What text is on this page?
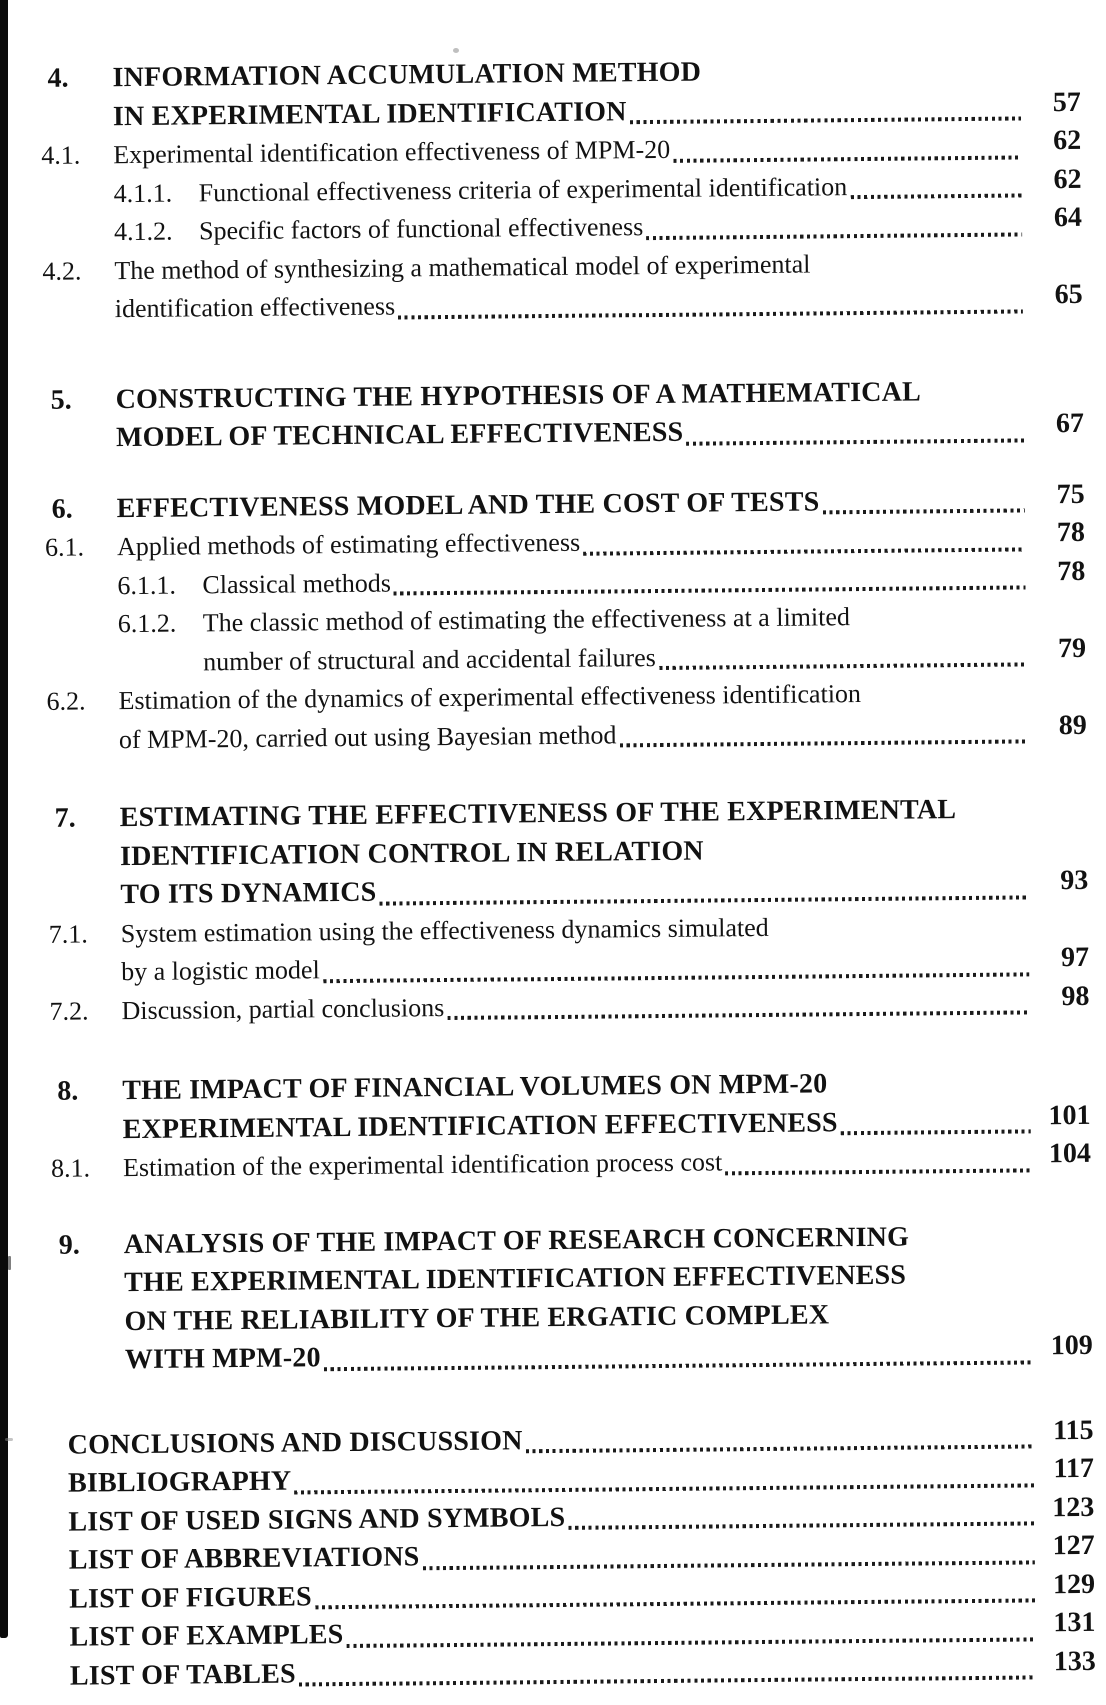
4.	INFORMATION ACCUMULATION METHOD
IN EXPERIMENTAL IDENTIFICATION	57
4.1.	Experimental identification effectiveness of MPM-20	62
4.1.1.	Functional effectiveness criteria of experimental identification	62
4.1.2.	Specific factors of functional effectiveness	64
4.2.	The method of synthesizing a mathematical model of experimental
identification effectiveness	65
5.	CONSTRUCTING THE HYPOTHESIS OF A MATHEMATICAL
MODEL OF TECHNICAL EFFECTIVENESS	67
6.	EFFECTIVENESS MODEL AND THE COST OF TESTS	75
6.1.	Applied methods of estimating effectiveness	78
6.1.1.	Classical methods	78
6.1.2.	The classic method of estimating the effectiveness at a limited
number of structural and accidental failures	79
6.2.	Estimation of the dynamics of experimental effectiveness identification
of MPM-20, carried out using Bayesian method	89
7.	ESTIMATING THE EFFECTIVENESS OF THE EXPERIMENTAL
IDENTIFICATION CONTROL IN RELATION
TO ITS DYNAMICS	93
7.1.	System estimation using the effectiveness dynamics simulated
by a logistic model	97
7.2.	Discussion, partial conclusions	98
8.	THE IMPACT OF FINANCIAL VOLUMES ON MPM-20
EXPERIMENTAL IDENTIFICATION EFFECTIVENESS	101
8.1.	Estimation of the experimental identification process cost	104
9.	ANALYSIS OF THE IMPACT OF RESEARCH CONCERNING
THE EXPERIMENTAL IDENTIFICATION EFFECTIVENESS
ON THE RELIABILITY OF THE ERGATIC COMPLEX
WITH MPM-20	109
CONCLUSIONS AND DISCUSSION	115
BIBLIOGRAPHY	117
LIST OF USED SIGNS AND SYMBOLS	123
LIST OF ABBREVIATIONS	127
LIST OF FIGURES	129
LIST OF EXAMPLES	131
LIST OF TABLES	133
